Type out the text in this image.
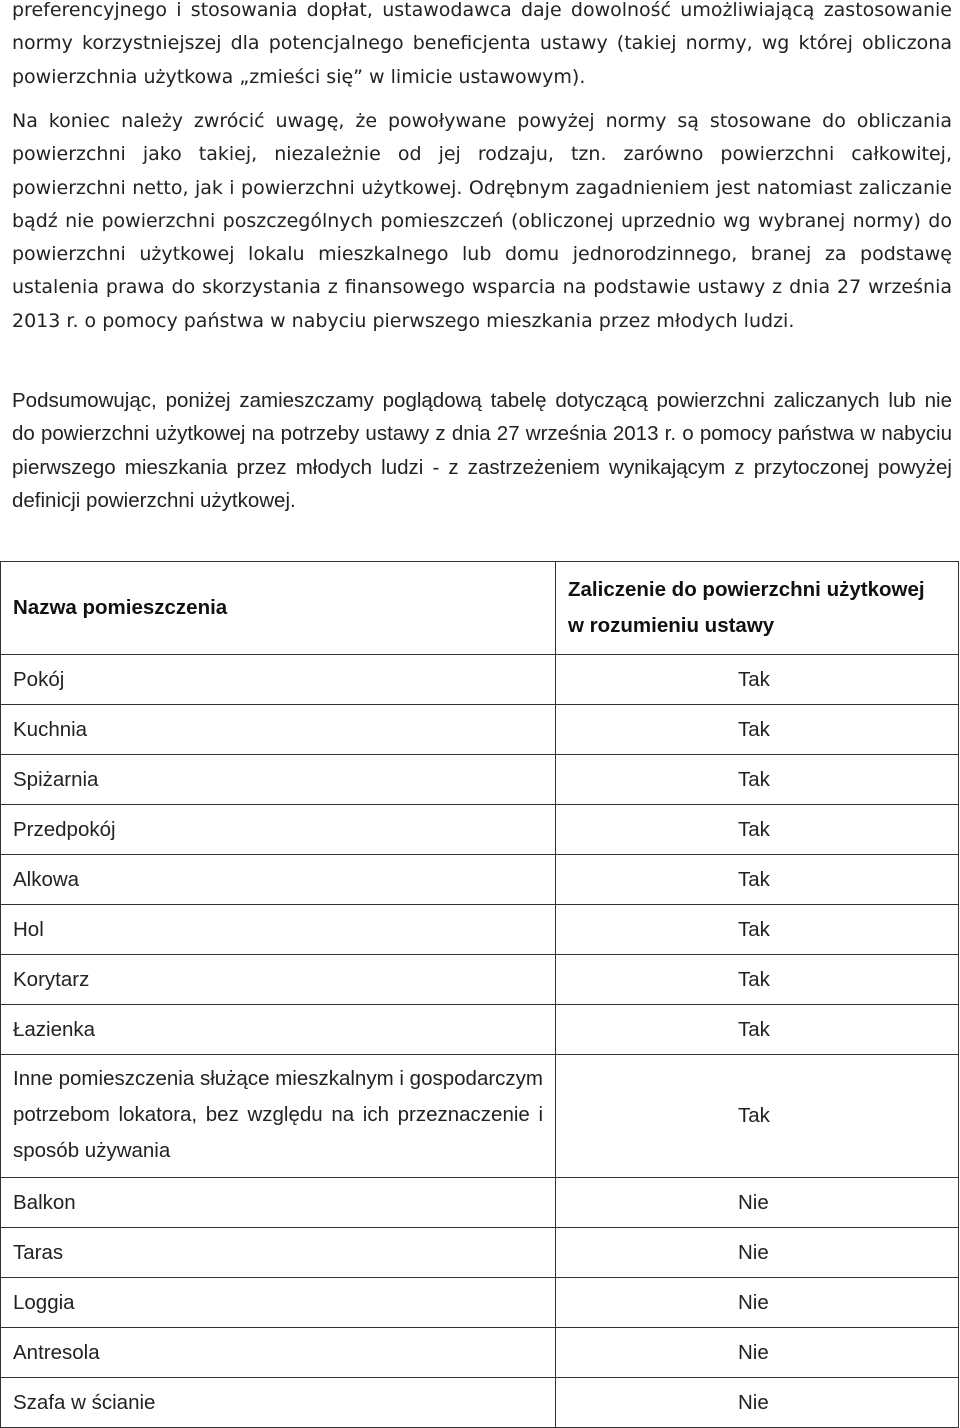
preferencyjnego i stosowania dopłat, ustawodawca daje dowolność umożliwiającą zastosowanie normy korzystniejszej dla potencjalnego beneficjenta ustawy (takiej normy, wg której obliczona powierzchnia użytkowa „zmieści się” w limicie ustawowym).

Na koniec należy zwrócić uwagę, że powoływane powyżej normy są stosowane do obliczania powierzchni jako takiej, niezależnie od jej rodzaju, tzn. zarówno powierzchni całkowitej, powierzchni netto, jak i powierzchni użytkowej. Odrębnym zagadnieniem jest natomiast zaliczanie bądź nie powierzchni poszczególnych pomieszczeń (obliczonej uprzednio wg wybranej normy) do powierzchni użytkowej lokalu mieszkalnego lub domu jednorodzinnego, branej za podstawę ustalenia prawa do skorzystania z finansowego wsparcia na podstawie ustawy z dnia 27 września 2013 r. o pomocy państwa w nabyciu pierwszego mieszkania przez młodych ludzi.

Podsumowując, poniżej zamieszczamy poglądową tabelę dotyczącą powierzchni zaliczanych lub nie do powierzchni użytkowej na potrzeby ustawy z dnia 27 września 2013 r. o pomocy państwa w nabyciu pierwszego mieszkania przez młodych ludzi - z zastrzeżeniem wynikającym z przytoczonej powyżej definicji powierzchni użytkowej.

Nazwa pomieszczenia	Zaliczenie do powierzchni użytkowej w rozumieniu ustawy
Pokój	Tak
Kuchnia	Tak
Spiżarnia	Tak
Przedpokój	Tak
Alkowa	Tak
Hol	Tak
Korytarz	Tak
Łazienka	Tak
Inne pomieszczenia służące mieszkalnym i gospodarczym potrzebom lokatora, bez względu na ich przeznaczenie i sposób używania	Tak
Balkon	Nie
Taras	Nie
Loggia	Nie
Antresola	Nie
Szafa w ścianie	Nie
